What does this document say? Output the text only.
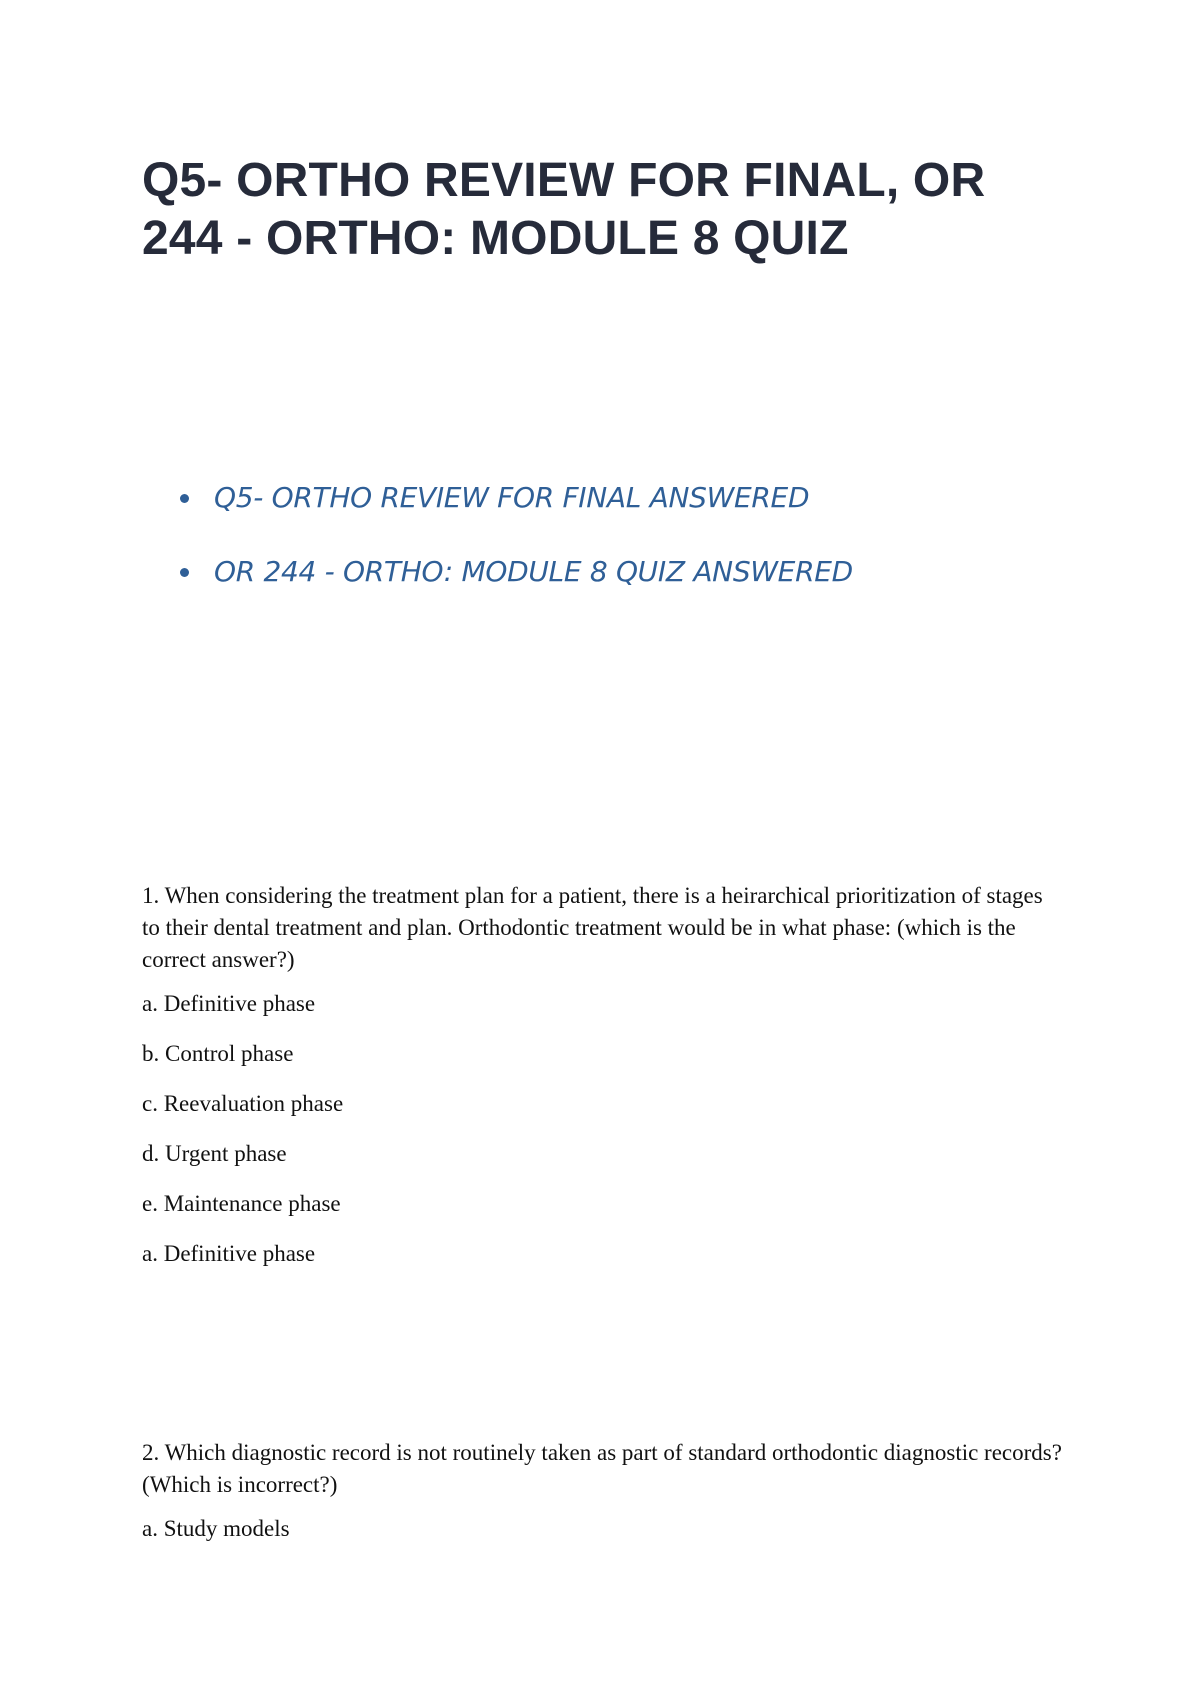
Q5- ORTHO REVIEW FOR FINAL, OR 244 - ORTHO: MODULE 8 QUIZ
Q5- ORTHO REVIEW FOR FINAL ANSWERED
OR 244 - ORTHO: MODULE 8 QUIZ ANSWERED

1. When considering the treatment plan for a patient, there is a heirarchical prioritization of stages to their dental treatment and plan. Orthodontic treatment would be in what phase: (which is the correct answer?)

a. Definitive phase

b. Control phase

c. Reevaluation phase

d. Urgent phase

e. Maintenance phase

a. Definitive phase

2. Which diagnostic record is not routinely taken as part of standard orthodontic diagnostic records? (Which is incorrect?)

a. Study models
